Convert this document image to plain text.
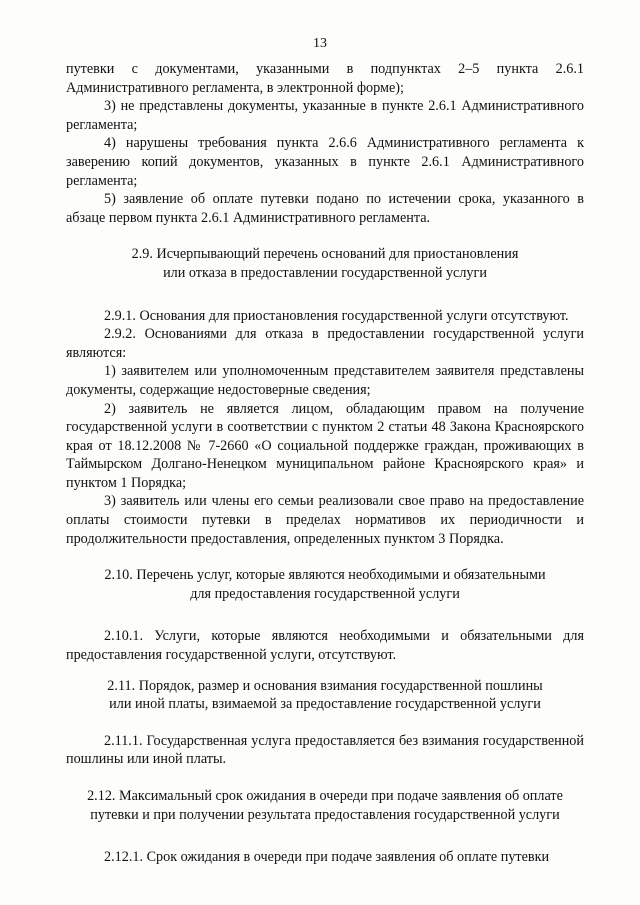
13

путевки с документами, указанными в подпунктах 2–5 пункта 2.6.1 Административного регламента, в электронной форме);

3) не представлены документы, указанные в пункте 2.6.1 Административного регламента;

4) нарушены требования пункта 2.6.6 Административного регламента к заверению копий документов, указанных в пункте 2.6.1 Административного регламента;

5) заявление об оплате путевки подано по истечении срока, указанного в абзаце первом пункта 2.6.1 Административного регламента.

2.9. Исчерпывающий перечень оснований для приостановления
или отказа в предоставлении государственной услуги

2.9.1. Основания для приостановления государственной услуги отсутствуют.

2.9.2. Основаниями для отказа в предоставлении государственной услуги являются:

1) заявителем или уполномоченным представителем заявителя представлены документы, содержащие недостоверные сведения;

2) заявитель не является лицом, обладающим правом на получение государственной услуги в соответствии с пунктом 2 статьи 48 Закона Красноярского края от 18.12.2008 № 7-2660 «О социальной поддержке граждан, проживающих в Таймырском Долгано-Ненецком муниципальном районе Красноярского края» и пунктом 1 Порядка;

3) заявитель или члены его семьи реализовали свое право на предоставление оплаты стоимости путевки в пределах нормативов их периодичности и продолжительности предоставления, определенных пунктом 3 Порядка.

2.10. Перечень услуг, которые являются необходимыми и обязательными
для предоставления государственной услуги

2.10.1. Услуги, которые являются необходимыми и обязательными для предоставления государственной услуги, отсутствуют.

2.11. Порядок, размер и основания взимания государственной пошлины
или иной платы, взимаемой за предоставление государственной услуги

2.11.1. Государственная услуга предоставляется без взимания государственной пошлины или иной платы.

2.12. Максимальный срок ожидания в очереди при подаче заявления об оплате
путевки и при получении результата предоставления государственной услуги

2.12.1. Срок ожидания в очереди при подаче заявления об оплате путевки
